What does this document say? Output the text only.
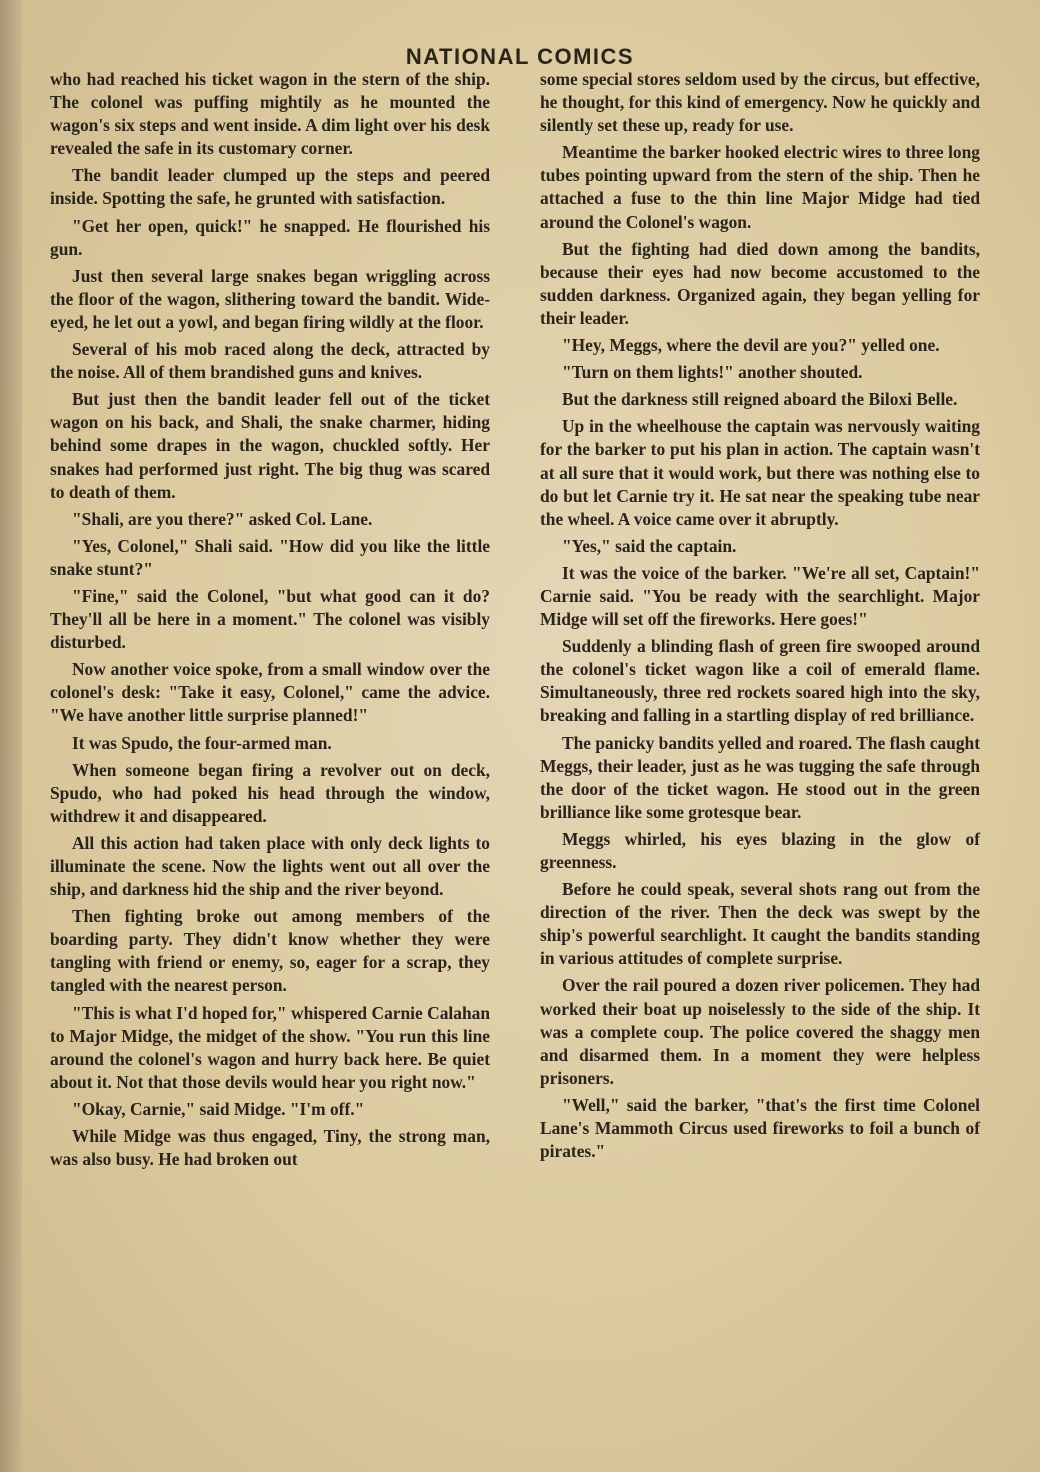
NATIONAL COMICS

who had reached his ticket wagon in the stern of the ship. The colonel was puffing mightily as he mounted the wagon's six steps and went inside. A dim light over his desk revealed the safe in its customary corner.

The bandit leader clumped up the steps and peered inside. Spotting the safe, he grunted with satisfaction.

"Get her open, quick!" he snapped. He flourished his gun.

Just then several large snakes began wriggling across the floor of the wagon, slithering toward the bandit. Wide-eyed, he let out a yowl, and began firing wildly at the floor.

Several of his mob raced along the deck, attracted by the noise. All of them brandished guns and knives.

But just then the bandit leader fell out of the ticket wagon on his back, and Shali, the snake charmer, hiding behind some drapes in the wagon, chuckled softly. Her snakes had performed just right. The big thug was scared to death of them.

"Shali, are you there?" asked Col. Lane.

"Yes, Colonel," Shali said. "How did you like the little snake stunt?"

"Fine," said the Colonel, "but what good can it do? They'll all be here in a moment." The colonel was visibly disturbed.

Now another voice spoke, from a small window over the colonel's desk: "Take it easy, Colonel," came the advice. "We have another little surprise planned!"

It was Spudo, the four-armed man.

When someone began firing a revolver out on deck, Spudo, who had poked his head through the window, withdrew it and disappeared.

All this action had taken place with only deck lights to illuminate the scene. Now the lights went out all over the ship, and darkness hid the ship and the river beyond.

Then fighting broke out among members of the boarding party. They didn't know whether they were tangling with friend or enemy, so, eager for a scrap, they tangled with the nearest person.

"This is what I'd hoped for," whispered Carnie Calahan to Major Midge, the midget of the show. "You run this line around the colonel's wagon and hurry back here. Be quiet about it. Not that those devils would hear you right now."

"Okay, Carnie," said Midge. "I'm off."

While Midge was thus engaged, Tiny, the strong man, was also busy. He had broken out

some special stores seldom used by the circus, but effective, he thought, for this kind of emergency. Now he quickly and silently set these up, ready for use.

Meantime the barker hooked electric wires to three long tubes pointing upward from the stern of the ship. Then he attached a fuse to the thin line Major Midge had tied around the Colonel's wagon.

But the fighting had died down among the bandits, because their eyes had now become accustomed to the sudden darkness. Organized again, they began yelling for their leader.

"Hey, Meggs, where the devil are you?" yelled one.

"Turn on them lights!" another shouted.

But the darkness still reigned aboard the Biloxi Belle.

Up in the wheelhouse the captain was nervously waiting for the barker to put his plan in action. The captain wasn't at all sure that it would work, but there was nothing else to do but let Carnie try it. He sat near the speaking tube near the wheel. A voice came over it abruptly.

"Yes," said the captain.

It was the voice of the barker. "We're all set, Captain!" Carnie said. "You be ready with the searchlight. Major Midge will set off the fireworks. Here goes!"

Suddenly a blinding flash of green fire swooped around the colonel's ticket wagon like a coil of emerald flame. Simultaneously, three red rockets soared high into the sky, breaking and falling in a startling display of red brilliance.

The panicky bandits yelled and roared. The flash caught Meggs, their leader, just as he was tugging the safe through the door of the ticket wagon. He stood out in the green brilliance like some grotesque bear.

Meggs whirled, his eyes blazing in the glow of greenness.

Before he could speak, several shots rang out from the direction of the river. Then the deck was swept by the ship's powerful searchlight. It caught the bandits standing in various attitudes of complete surprise.

Over the rail poured a dozen river policemen. They had worked their boat up noiselessly to the side of the ship. It was a complete coup. The police covered the shaggy men and disarmed them. In a moment they were helpless prisoners.

"Well," said the barker, "that's the first time Colonel Lane's Mammoth Circus used fireworks to foil a bunch of pirates."
